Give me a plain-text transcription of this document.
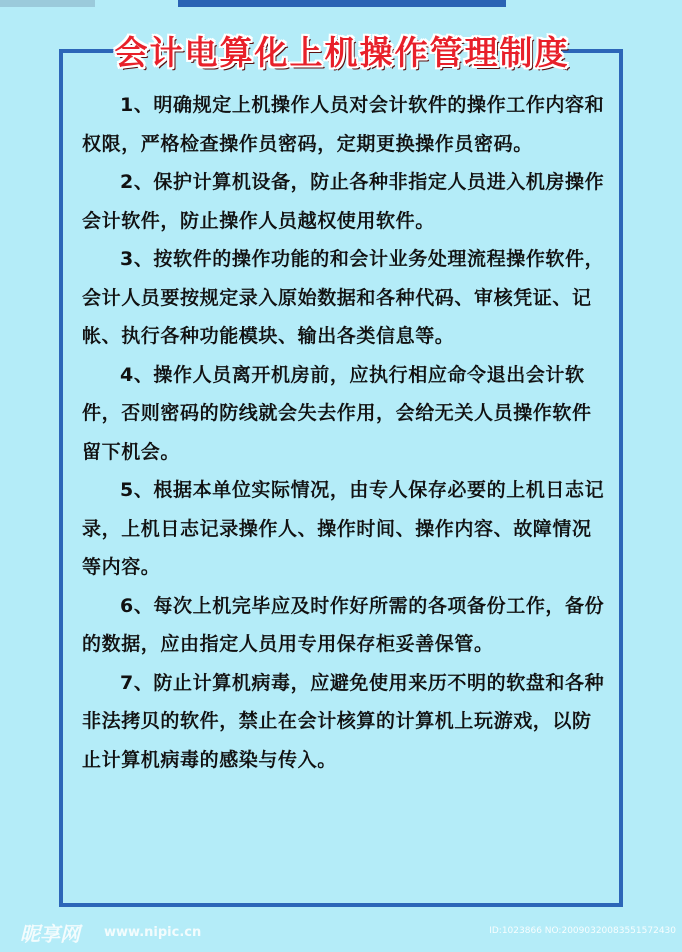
会计电算化上机操作管理制度

1、明确规定上机操作人员对会计软件的操作工作内容和权限，严格检查操作员密码，定期更换操作员密码。

2、保护计算机设备，防止各种非指定人员进入机房操作会计软件，防止操作人员越权使用软件。

3、按软件的操作功能的和会计业务处理流程操作软件，会计人员要按规定录入原始数据和各种代码、审核凭证、记帐、执行各种功能模块、输出各类信息等。

4、操作人员离开机房前，应执行相应命令退出会计软件，否则密码的防线就会失去作用，会给无关人员操作软件留下机会。

5、根据本单位实际情况，由专人保存必要的上机日志记录，上机日志记录操作人、操作时间、操作内容、故障情况等内容。

6、每次上机完毕应及时作好所需的各项备份工作，备份的数据，应由指定人员用专用保存柜妥善保管。

7、防止计算机病毒，应避免使用来历不明的软盘和各种非法拷贝的软件，禁止在会计核算的计算机上玩游戏，以防止计算机病毒的感染与传入。

昵享网 www.nipic.cn	ID:1023866 NO:20090320083551572430
